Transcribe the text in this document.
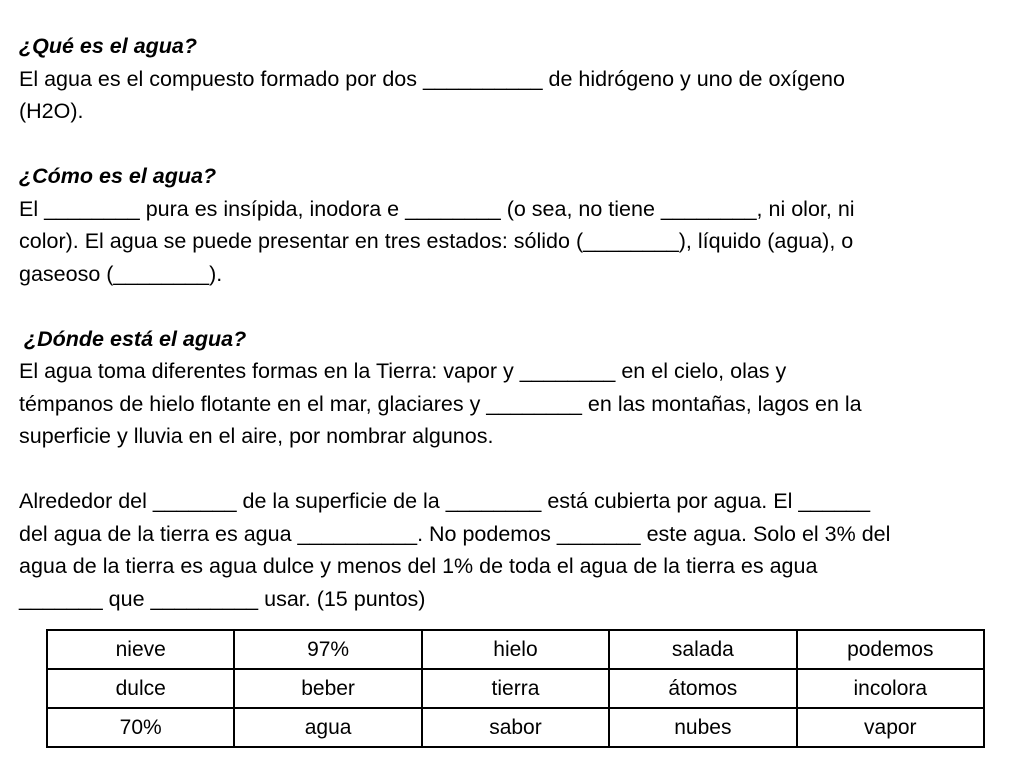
¿Qué es el agua?
El agua es el compuesto formado por dos __________ de hidrógeno y uno de oxígeno
(H2O).
¿Cómo es el agua?
El ________ pura es insípida, inodora e ________ (o sea, no tiene ________, ni olor, ni
color). El agua se puede presentar en tres estados: sólido (________), líquido (agua), o
gaseoso (________).
¿Dónde está el agua?
El agua toma diferentes formas en la Tierra: vapor y ________ en el cielo, olas y
témpanos de hielo flotante en el mar, glaciares y ________ en las montañas, lagos en la
superficie y lluvia en el aire, por nombrar algunos.
Alrededor del _______ de la superficie de la ________ está cubierta por agua. El ______
del agua de la tierra es agua __________. No podemos _______ este agua. Solo el 3% del
agua de la tierra es agua dulce y menos del 1% de toda el agua de la tierra es agua
_______ que _________ usar. (15 puntos)
nieve	97%	hielo	salada	podemos
dulce	beber	tierra	átomos	incolora
70%	agua	sabor	nubes	vapor
